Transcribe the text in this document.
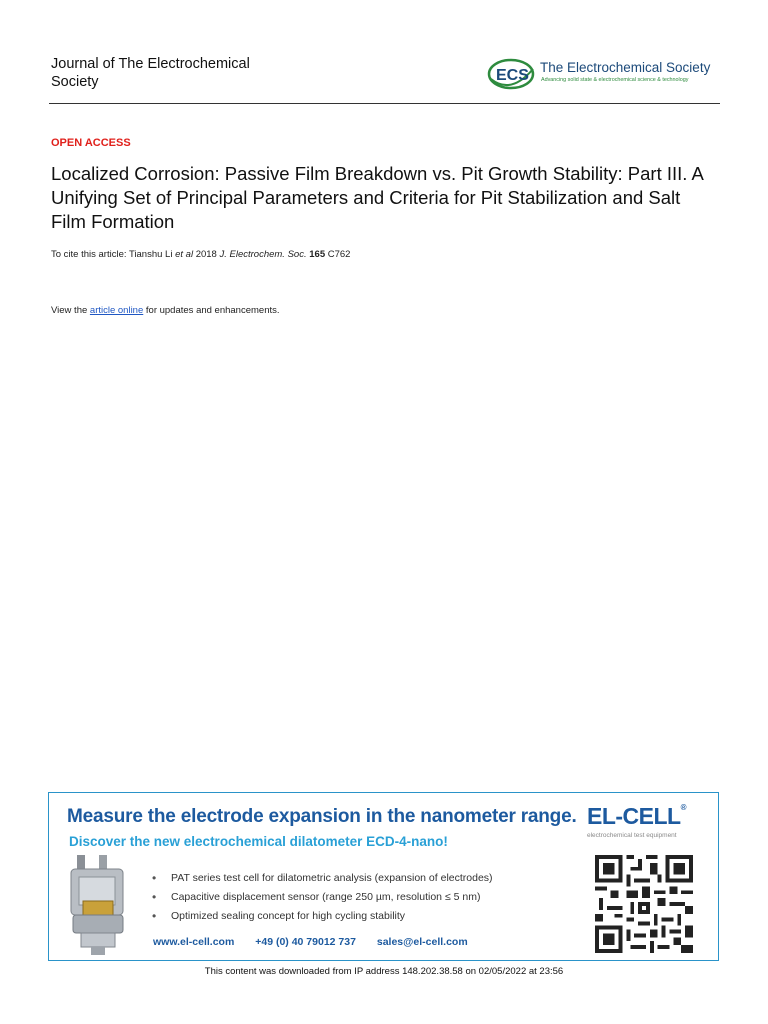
Journal of The Electrochemical Society	ECS The Electrochemical Society
Advancing solid state & electrochemical science & technology
OPEN ACCESS
Localized Corrosion: Passive Film Breakdown vs. Pit Growth Stability: Part III. A Unifying Set of Principal Parameters and Criteria for Pit Stabilization and Salt Film Formation
To cite this article: Tianshu Li et al 2018 J. Electrochem. Soc. 165 C762
View the article online for updates and enhancements.
Measure the electrode expansion in the nanometer range.
Discover the new electrochemical dilatometer ECD-4-nano!
EL-CELL®
electrochemical test equipment
• PAT series test cell for dilatometric analysis (expansion of electrodes)
• Capacitive displacement sensor (range 250 µm, resolution ≤ 5 nm)
• Optimized sealing concept for high cycling stability
www.el-cell.com +49 (0) 40 79012 737 sales@el-cell.com
This content was downloaded from IP address 148.202.38.58 on 02/05/2022 at 23:56
